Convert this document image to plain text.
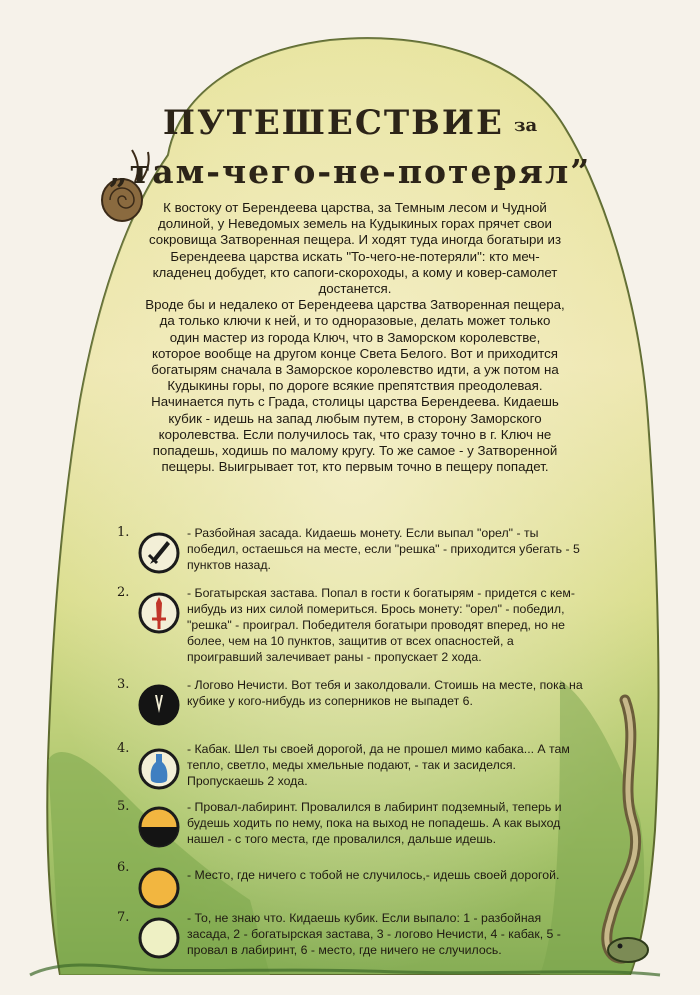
ПУТЕШЕСТВИЕ за
„там-чего-не-потерял”

К востоку от Берендеева царства, за Темным лесом и Чудной долиной, у Неведомых земель на Кудыкиных горах прячет свои сокровища Затворенная пещера. И ходят туда иногда богатыри из Берендеева царства искать "То-чего-не-потеряли": кто меч-кладенец добудет, кто сапоги-скороходы, а кому и ковер-самолет достанется.

Вроде бы и недалеко от Берендеева царства Затворенная пещера, да только ключи к ней, и то одноразовые, делать может только один мастер из города Ключ, что в Заморском королевстве, которое вообще на другом конце Света Белого. Вот и приходится богатырям сначала в Заморское королевство идти, а уж потом на Кудыкины горы, по дороге всякие препятствия преодолевая.

Начинается путь с Града, столицы царства Берендеева. Кидаешь кубик - идешь на запад любым путем, в сторону Заморского королевства. Если получилось так, что сразу точно в г. Ключ не попадешь, ходишь по малому кругу. То же самое - у Затворенной пещеры. Выигрывает тот, кто первым точно в пещеру попадет.

1.	- Разбойная засада. Кидаешь монету. Если выпал "орел" - ты победил, остаешься на месте, если "решка" - приходится убегать - 5 пунктов назад.
2.	- Богатырская застава. Попал в гости к богатырям - придется с кем-нибудь из них силой помериться. Брось монету: "орел" - победил, "решка" - проиграл. Победителя богатыри проводят вперед, но не более, чем на 10 пунктов, защитив от всех опасностей, а проигравший залечивает раны - пропускает 2 хода.
3.	- Логово Нечисти. Вот тебя и заколдовали. Стоишь на месте, пока на кубике у кого-нибудь из соперников не выпадет 6.
4.	- Кабак. Шел ты своей дорогой, да не прошел мимо кабака... А там тепло, светло, меды хмельные подают, - так и засиделся. Пропускаешь 2 хода.
5.	- Провал-лабиринт. Провалился в лабиринт подземный, теперь и будешь ходить по нему, пока на выход не попадешь. А как выход нашел - с того места, где провалился, дальше идешь.
6.	- Место, где ничего с тобой не случилось,- идешь своей дорогой.
7.	- То, не знаю что. Кидаешь кубик. Если выпало: 1 - разбойная засада, 2 - богатырская застава, 3 - логово Нечисти, 4 - кабак, 5 - провал в лабиринт, 6 - место, где ничего не случилось.
